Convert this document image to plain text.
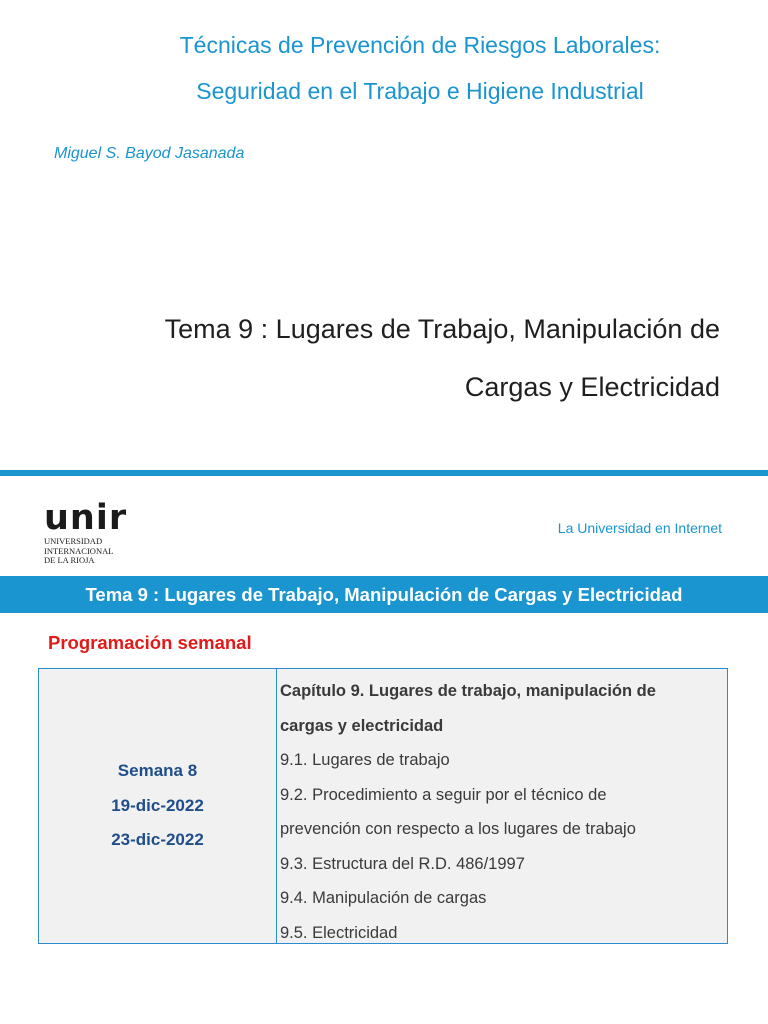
Técnicas de Prevención de Riesgos Laborales:

Seguridad en el Trabajo e Higiene Industrial

Miguel S. Bayod Jasanada
Tema 9 : Lugares de Trabajo, Manipulación de
Cargas y Electricidad
unir
UNIVERSIDAD
INTERNACIONAL
DE LA RIOJA
La Universidad en Internet
Tema 9 : Lugares de Trabajo, Manipulación de Cargas y Electricidad
Programación semanal
Semana 8
19-dic-2022
23-dic-2022
Capítulo 9. Lugares de trabajo, manipulación de
cargas y electricidad
9.1. Lugares de trabajo
9.2. Procedimiento a seguir por el técnico de
prevención con respecto a los lugares de trabajo
9.3. Estructura del R.D. 486/1997
9.4. Manipulación de cargas
9.5. Electricidad
